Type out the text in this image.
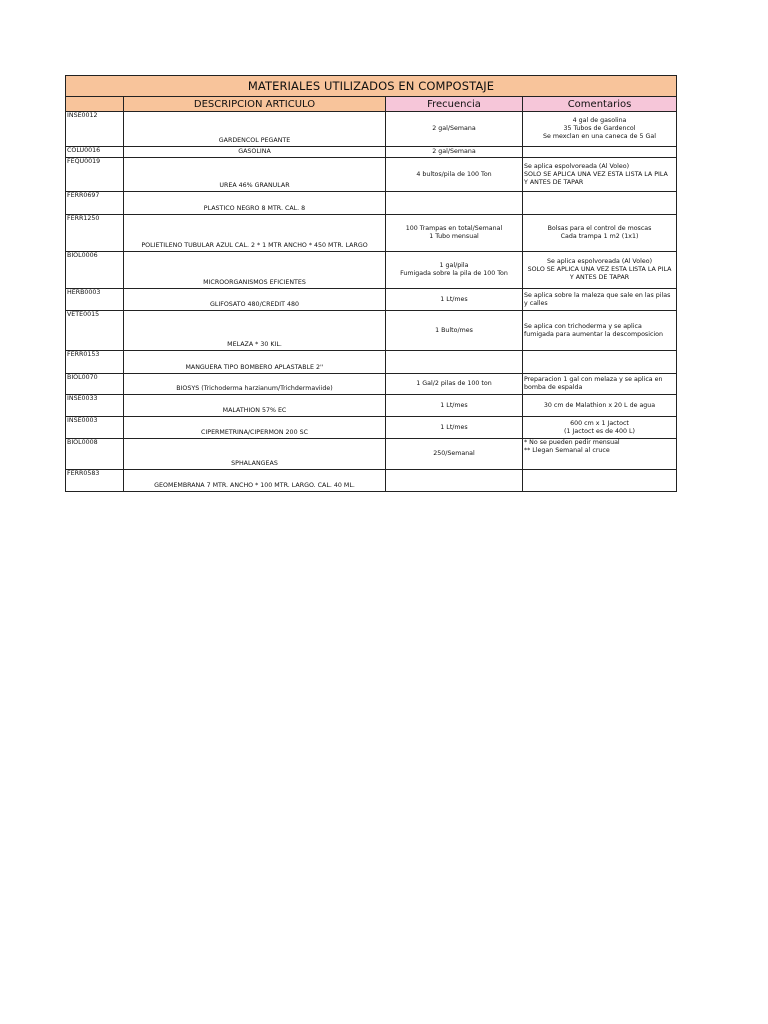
MATERIALES UTILIZADOS EN COMPOSTAJE			
	DESCRIPCION ARTICULO	Frecuencia	Comentarios
INSE0012	GARDENCOL PEGANTE	2 gal/Semana	4 gal de gasolina
35 Tubos de Gardencol
Se mexclan en una caneca de 5 Gal

COLU0016	GASOLINA	2 gal/Semana	

FEQU0019	UREA 46% GRANULAR	4 bultos/pila de 100 Ton	Se aplica espolvoreada (Al Voleo)
SOLO SE APLICA UNA VEZ ESTA LISTA LA PILA
Y ANTES DE TAPAR

FERR0697	PLASTICO NEGRO 8 MTR. CAL. 8		
FERR1250	POLIETILENO TUBULAR AZUL CAL. 2 * 1 MTR ANCHO * 450 MTR. LARGO	100 Trampas en total/Semanal
1 Tubo mensual	Bolsas para el control de moscas
Cada trampa 1 m2 (1x1)

BIOL0006	MICROORGANISMOS EFICIENTES	1 gal/pila
Fumigada sobre la pila de 100 Ton	Se aplica espolvoreada (Al Voleo)
SOLO SE APLICA UNA VEZ ESTA LISTA LA PILA
Y ANTES DE TAPAR

HERB0003	GLIFOSATO 480/CREDIT 480	1 Lt/mes	Se aplica sobre la maleza que sale en las pilas
y calles

VETE0015	MELAZA * 30 KIL.	1 Bulto/mes	Se aplica con trichoderma y se aplica
fumigada para aumentar la descomposicion

FERR0153	MANGUERA TIPO BOMBERO APLASTABLE 2''		
BIOL0070	BIOSYS (Trichoderma harzianum/Trichdermaviide)	1 Gal/2 pilas de 100 ton	Preparacion 1 gal con melaza y se aplica en
bomba de espalda

INSE0033	MALATHION 57% EC	1 Lt/mes	30 cm de Malathion x 20 L de agua

INSE0003	CIPERMETRINA/CIPERMON 200 SC	1 Lt/mes	600 cm x 1 Jactoct
(1 Jactoct es de 400 L)

BIOL0008	SPHALANGEAS	250/Semanal	* No se pueden pedir mensual
** Llegan Semanal al cruce

FERR0583	GEOMEMBRANA 7 MTR. ANCHO * 100 MTR. LARGO. CAL. 40 ML.		
